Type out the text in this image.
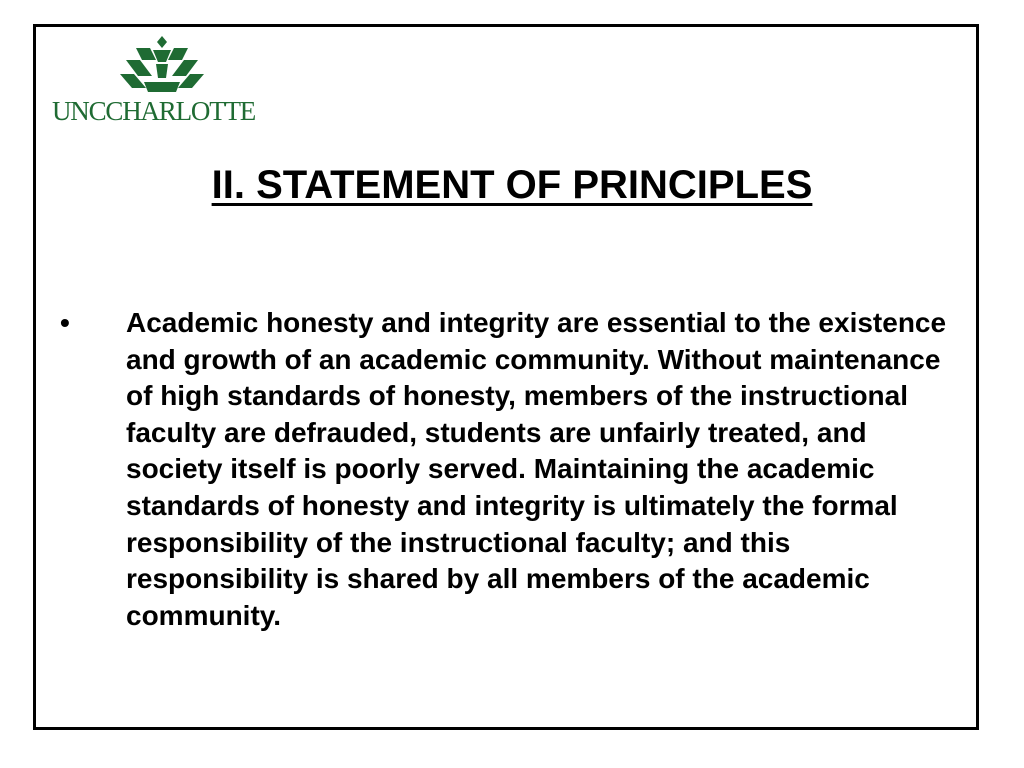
UNCCHARLOTTE
II. STATEMENT OF PRINCIPLES
•	Academic honesty and integrity are essential to the existence and growth of an academic community. Without maintenance of high standards of honesty, members of the instructional faculty are defrauded, students are unfairly treated, and society itself is poorly served. Maintaining the academic standards of honesty and integrity is ultimately the formal responsibility of the instructional faculty; and this responsibility is shared by all members of the academic community.
